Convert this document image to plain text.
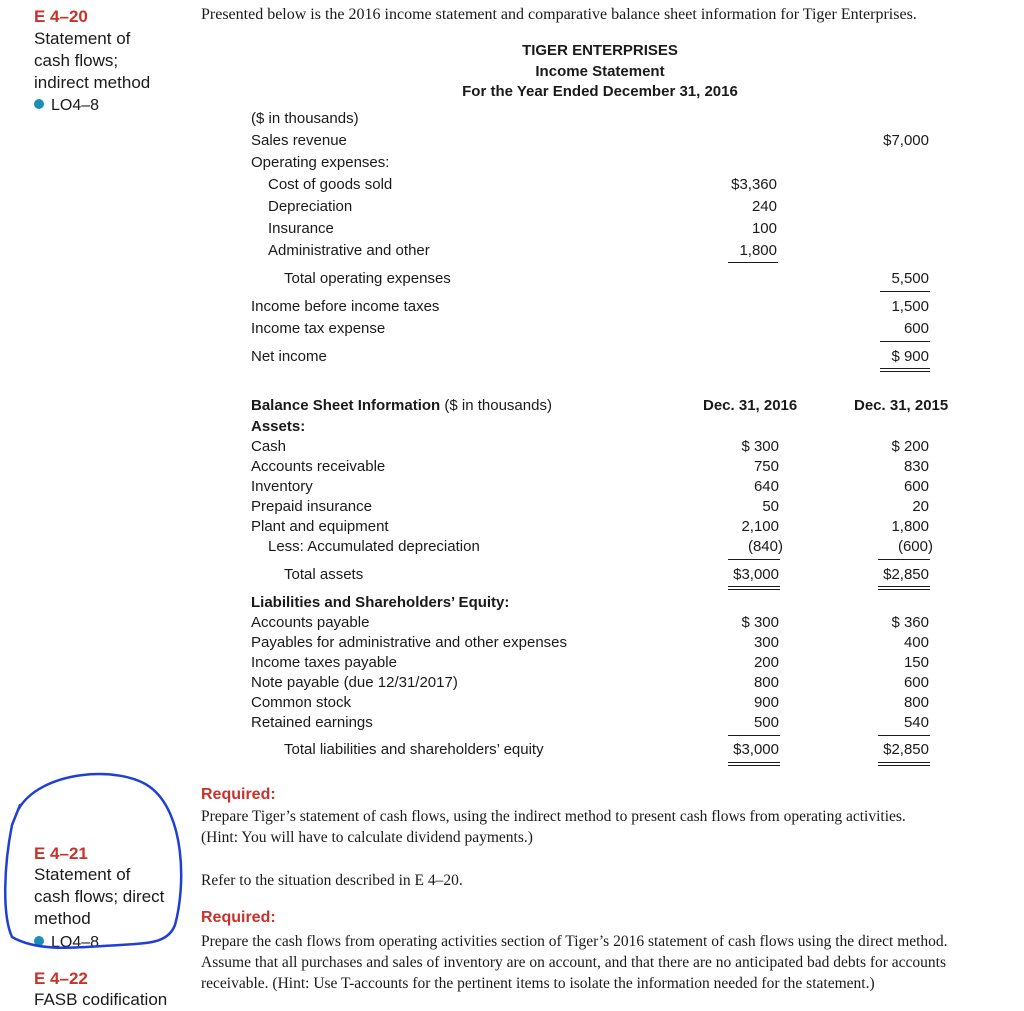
E 4–20
Statement of
cash flows;
indirect method
LO4–8
E 4–21
Statement of
cash flows; direct
method
LO4–8
E 4–22
FASB codification
Presented below is the 2016 income statement and comparative balance sheet information for Tiger Enterprises.
TIGER ENTERPRISES
Income Statement
For the Year Ended December 31, 2016
($ in thousands)
Sales revenue	$7,000
Operating expenses:
Cost of goods sold	$3,360
Depreciation	240
Insurance	100
Administrative and other	1,800
Total operating expenses	5,500
Income before income taxes	1,500
Income tax expense	600
Net income	$ 900
Balance Sheet Information ($ in thousands)	Dec. 31, 2016	Dec. 31, 2015
Assets:
Cash	$ 300	$ 200
Accounts receivable	750	830
Inventory	640	600
Prepaid insurance	50	20
Plant and equipment	2,100	1,800
Less: Accumulated depreciation	(840)	(600)
Total assets	$3,000	$2,850
Liabilities and Shareholders’ Equity:
Accounts payable	$ 300	$ 360
Payables for administrative and other expenses	300	400
Income taxes payable	200	150
Note payable (due 12/31/2017)	800	600
Common stock	900	800
Retained earnings	500	540
Total liabilities and shareholders’ equity	$3,000	$2,850
Required:
Prepare Tiger’s statement of cash flows, using the indirect method to present cash flows from operating activities.
(Hint: You will have to calculate dividend payments.)
Refer to the situation described in E 4–20.
Required:
Prepare the cash flows from operating activities section of Tiger’s 2016 statement of cash flows using the direct method.
Assume that all purchases and sales of inventory are on account, and that there are no anticipated bad debts for accounts
receivable. (Hint: Use T-accounts for the pertinent items to isolate the information needed for the statement.)
